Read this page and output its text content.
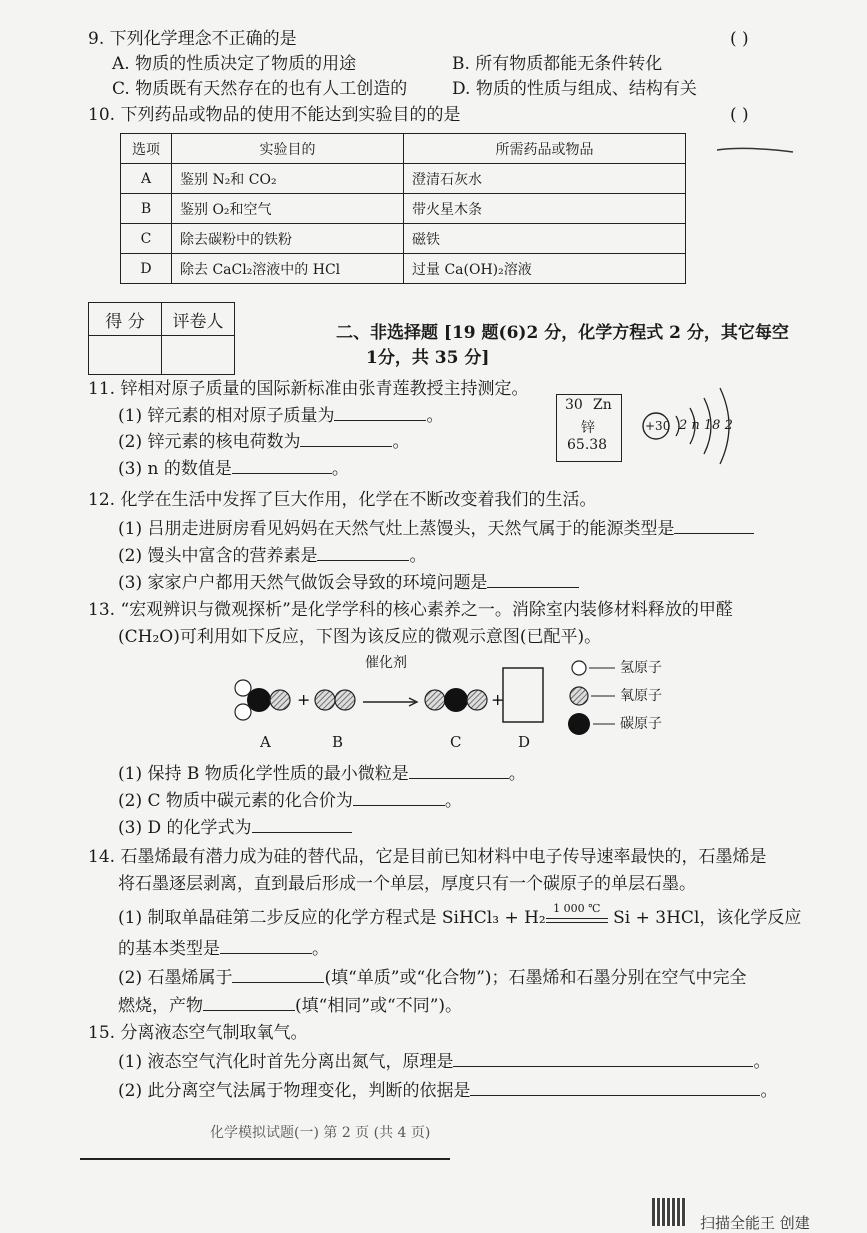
9. 下列化学理念不正确的是	( )
A. 物质的性质决定了物质的用途	B. 所有物质都能无条件转化
C. 物质既有天然存在的也有人工创造的	D. 物质的性质与组成、结构有关
10. 下列药品或物品的使用不能达到实验目的的是	( )
选项	实验目的	所需药品或物品
A	鉴别 N₂和 CO₂	澄清石灰水
B	鉴别 O₂和空气	带火星木条
C	除去碳粉中的铁粉	磁铁
D	除去 CaCl₂溶液中的 HCl	过量 Ca(OH)₂溶液
得 分	评卷人

二、非选择题 [19 题(6)2 分，化学方程式 2 分，其它每空
1分，共 35 分]
11. 锌相对原子质量的国际新标准由张青莲教授主持测定。
(1) 锌元素的相对原子质量为	。
(2) 锌元素的核电荷数为	。
(3) n 的数值是	。
30 Zn
锌
65.38
+30 2 n 18 2
12. 化学在生活中发挥了巨大作用，化学在不断改变着我们的生活。
(1) 吕朋走进厨房看见妈妈在天然气灶上蒸馒头，天然气属于的能源类型是
(2) 馒头中富含的营养素是	。
(3) 家家户户都用天然气做饭会导致的环境问题是
13. “宏观辨识与微观探析”是化学学科的核心素养之一。消除室内装修材料释放的甲醛
(CH₂O)可利用如下反应，下图为该反应的微观示意图(已配平)。
+	+
催化剂
A	B	C	D
氢原子
氧原子
碳原子
(1) 保持 B 物质化学性质的最小微粒是	。
(2) C 物质中碳元素的化合价为	。
(3) D 的化学式为
14. 石墨烯最有潜力成为硅的替代品，它是目前已知材料中电子传导速率最快的，石墨烯是
将石墨逐层剥离，直到最后形成一个单层，厚度只有一个碳原子的单层石墨。
(1) 制取单晶硅第二步反应的化学方程式是 SiHCl₃ + H₂ 1 000 ℃ Si + 3HCl，该化学反应
的基本类型是	。
(2) 石墨烯属于	(填“单质”或“化合物”)；石墨烯和石墨分别在空气中完全
燃烧，产物	(填“相同”或“不同”)。
15. 分离液态空气制取氧气。
(1) 液态空气汽化时首先分离出氮气，原理是	。
(2) 此分离空气法属于物理变化，判断的依据是	。
化学模拟试题(一) 第 2 页 (共 4 页)
扫描全能王 创建
